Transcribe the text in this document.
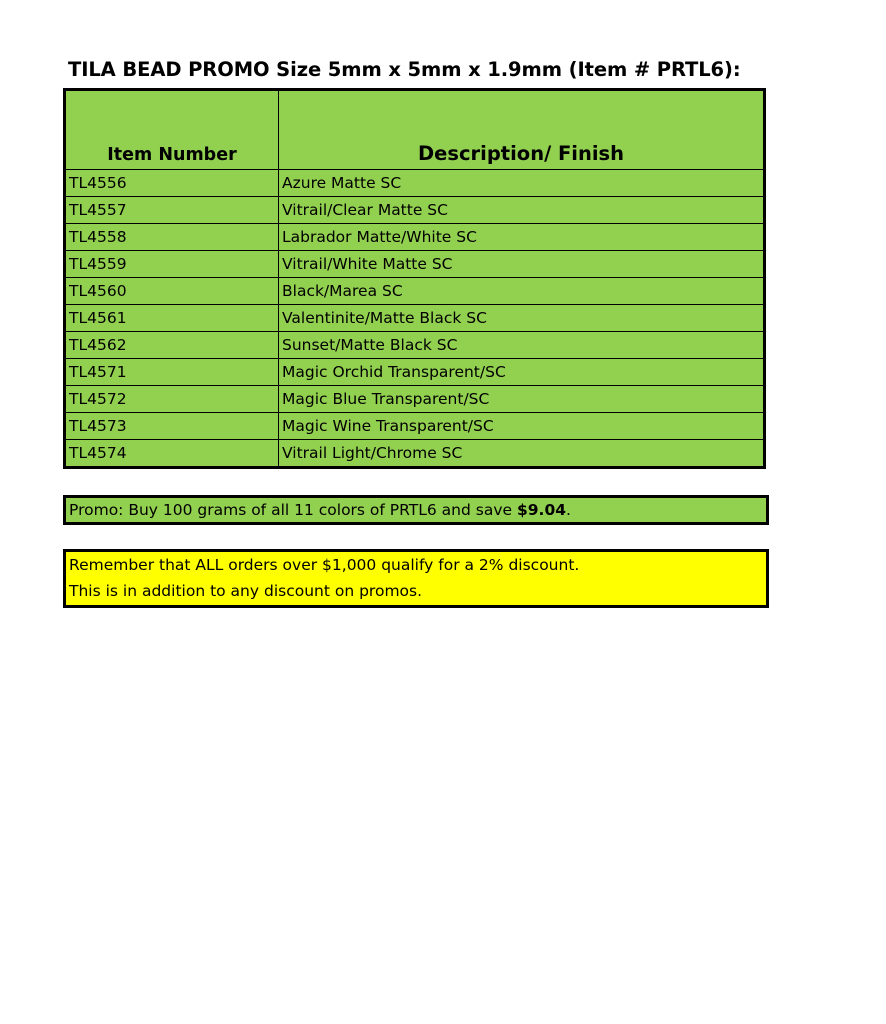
TILA BEAD PROMO Size 5mm x 5mm x 1.9mm (Item # PRTL6):
Item Number	Description/ Finish
TL4556	Azure Matte SC
TL4557	Vitrail/Clear Matte SC
TL4558	Labrador Matte/White SC
TL4559	Vitrail/White Matte SC
TL4560	Black/Marea SC
TL4561	Valentinite/Matte Black SC
TL4562	Sunset/Matte Black SC
TL4571	Magic Orchid Transparent/SC
TL4572	Magic Blue Transparent/SC
TL4573	Magic Wine Transparent/SC
TL4574	Vitrail Light/Chrome SC
Promo: Buy 100 grams of all 11 colors of PRTL6 and save $9.04.
Remember that ALL orders over $1,000 qualify for a 2% discount.
This is in addition to any discount on promos.
